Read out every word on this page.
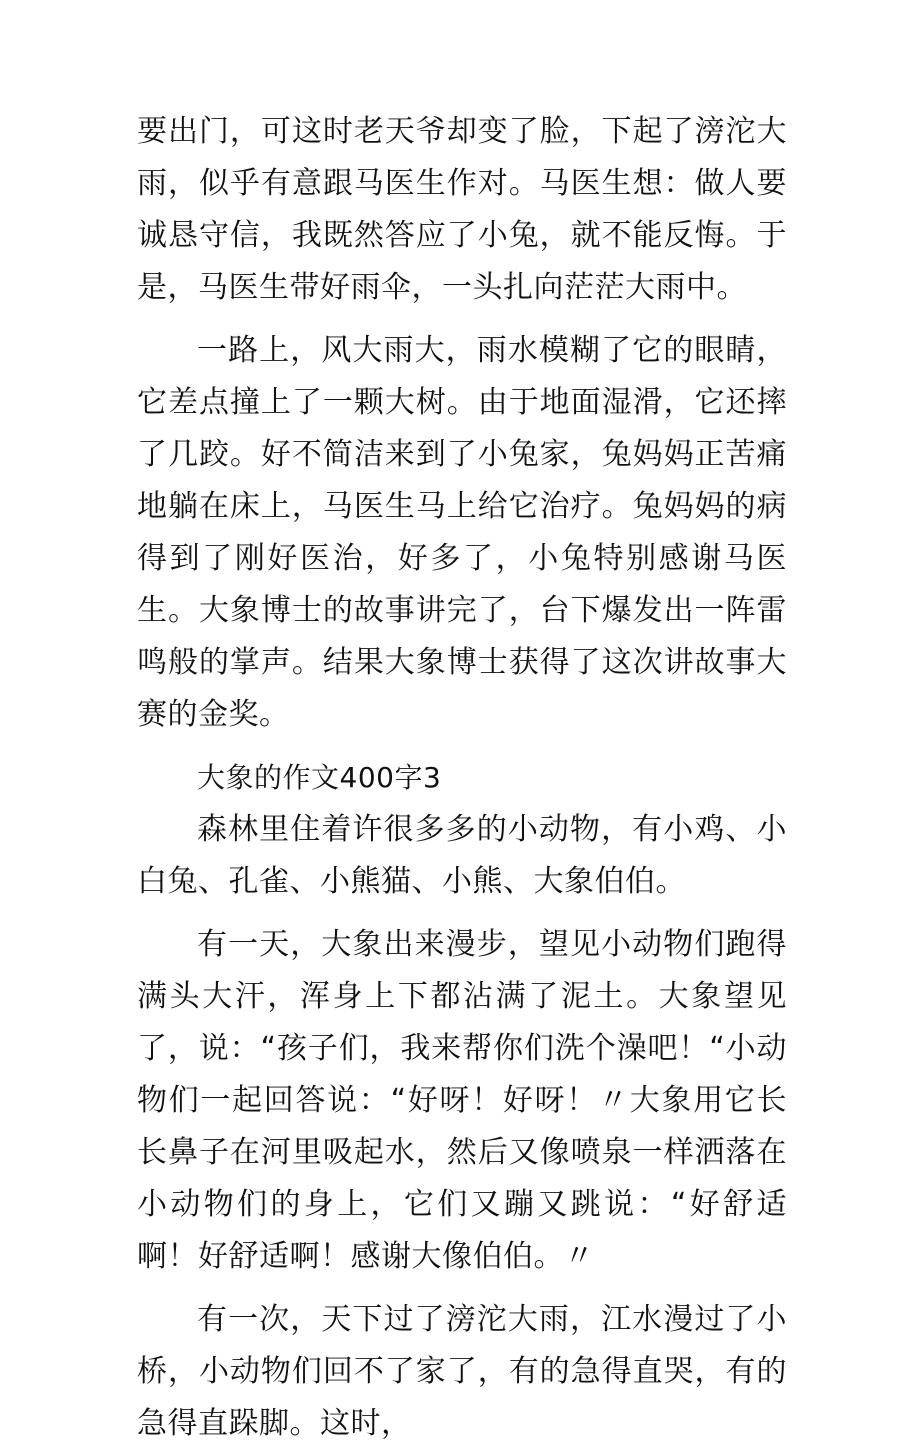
要出门，可这时老天爷却变了脸，下起了滂沱大雨，似乎有意跟马医生作对。马医生想：做人要诚恳守信，我既然答应了小兔，就不能反悔。于是，马医生带好雨伞，一头扎向茫茫大雨中。

一路上，风大雨大，雨水模糊了它的眼睛，它差点撞上了一颗大树。由于地面湿滑，它还摔了几跤。好不简洁来到了小兔家，兔妈妈正苦痛地躺在床上，马医生马上给它治疗。兔妈妈的病得到了刚好医治，好多了，小兔特别感谢马医生。大象博士的故事讲完了，台下爆发出一阵雷鸣般的掌声。结果大象博士获得了这次讲故事大赛的金奖。

大象的作文400字3

森林里住着许很多多的小动物，有小鸡、小白兔、孔雀、小熊猫、小熊、大象伯伯。

有一天，大象出来漫步，望见小动物们跑得满头大汗，浑身上下都沾满了泥土。大象望见了，说：“孩子们，我来帮你们洗个澡吧！“小动物们一起回答说：“好呀！好呀！〃大象用它长长鼻子在河里吸起水，然后又像喷泉一样洒落在小动物们的身上，它们又蹦又跳说：“好舒适啊！好舒适啊！感谢大像伯伯。〃

有一次，天下过了滂沱大雨，江水漫过了小桥，小动物们回不了家了，有的急得直哭，有的急得直跺脚。这时，
